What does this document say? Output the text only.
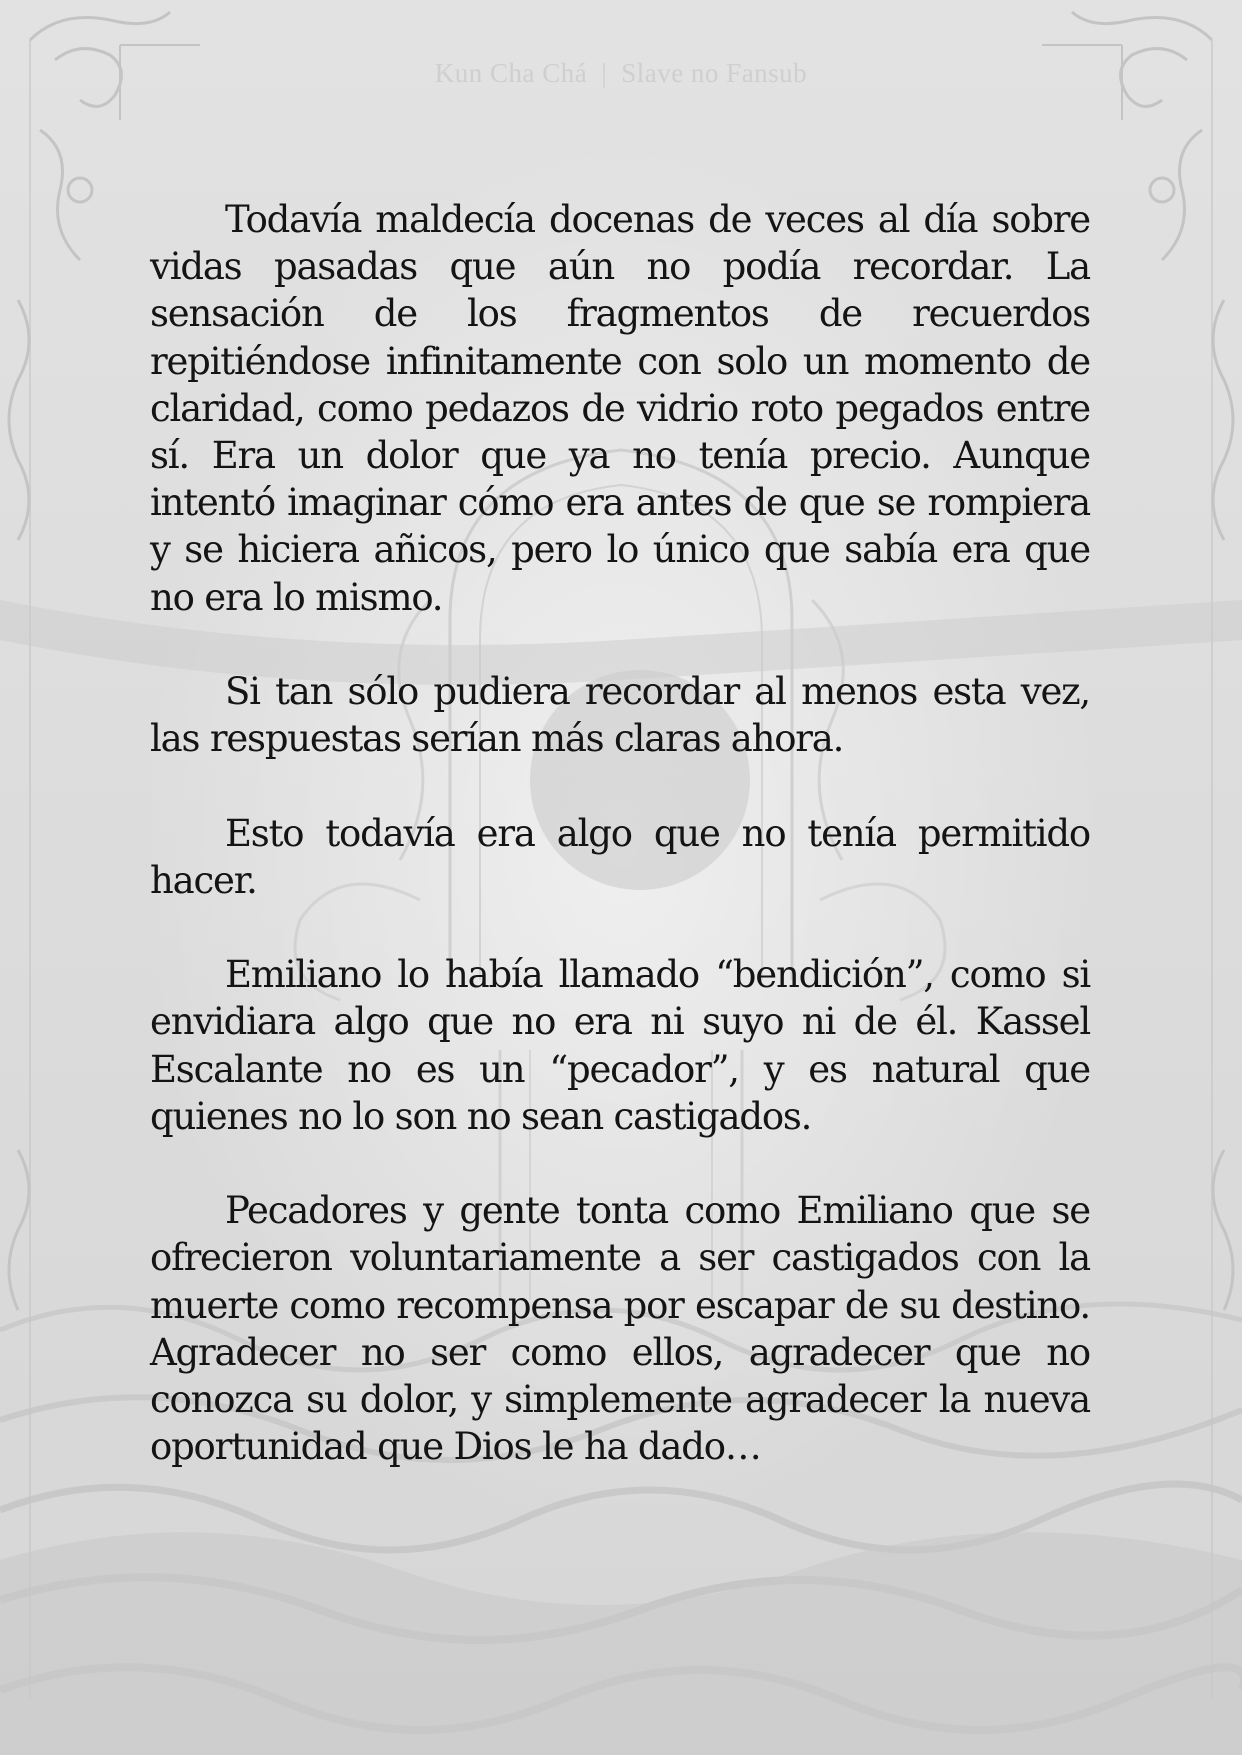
Kun Cha Chá | Slave no Fansub

Todavía maldecía docenas de veces al día sobre vidas pasadas que aún no podía recordar. La sensación de los fragmentos de recuerdos repitiéndose infinitamente con solo un momento de claridad, como pedazos de vidrio roto pegados entre sí. Era un dolor que ya no tenía precio. Aunque intentó imaginar cómo era antes de que se rompiera y se hiciera añicos, pero lo único que sabía era que no era lo mismo.

Si tan sólo pudiera recordar al menos esta vez, las respuestas serían más claras ahora.

Esto todavía era algo que no tenía permitido hacer.

Emiliano lo había llamado “bendición”, como si envidiara algo que no era ni suyo ni de él. Kassel Escalante no es un “pecador”, y es natural que quienes no lo son no sean castigados.

Pecadores y gente tonta como Emiliano que se ofrecieron voluntariamente a ser castigados con la muerte como recompensa por escapar de su destino. Agradecer no ser como ellos, agradecer que no conozca su dolor, y simplemente agradecer la nueva oportunidad que Dios le ha dado…
